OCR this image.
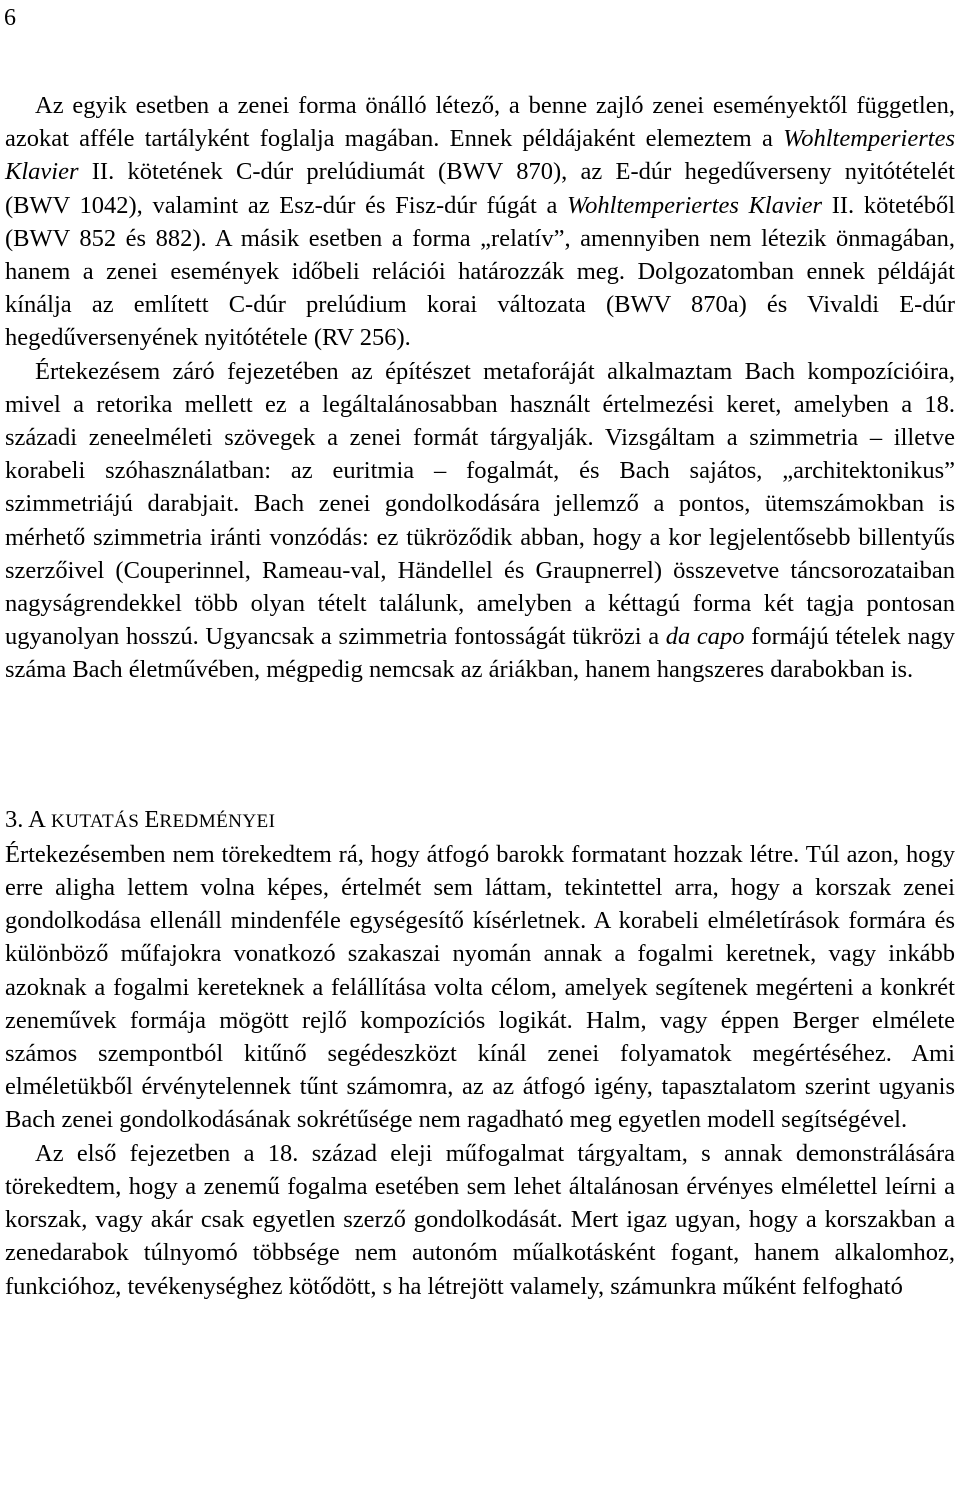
6

Az egyik esetben a zenei forma önálló létező, a benne zajló zenei eseményektől független, azokat afféle tartályként foglalja magában. Ennek példájaként elemeztem a Wohltemperiertes Klavier II. kötetének C-dúr prelúdiumát (BWV 870), az E-dúr hegedűverseny nyitótételét (BWV 1042), valamint az Esz-dúr és Fisz-dúr fúgát a Wohltemperiertes Klavier II. kötetéből (BWV 852 és 882). A másik esetben a forma „relatív”, amennyiben nem létezik önmagában, hanem a zenei események időbeli relációi határozzák meg. Dolgozatomban ennek példáját kínálja az említett C-dúr prelúdium korai változata (BWV 870a) és Vivaldi E-dúr hegedűversenyének nyitótétele (RV 256).

Értekezésem záró fejezetében az építészet metaforáját alkalmaztam Bach kompozícióira, mivel a retorika mellett ez a legáltalánosabban használt értelmezési keret, amelyben a 18. századi zeneelméleti szövegek a zenei formát tárgyalják. Vizsgáltam a szimmetria – illetve korabeli szóhasználatban: az euritmia – fogalmát, és Bach sajátos, „architektonikus” szimmetriájú darabjait. Bach zenei gondolkodására jellemző a pontos, ütemszámokban is mérhető szimmetria iránti vonzódás: ez tükröződik abban, hogy a kor legjelentősebb billentyűs szerzőivel (Couperinnel, Rameau-val, Händellel és Graupnerrel) összevetve táncsorozataiban nagyságrendekkel több olyan tételt találunk, amelyben a kéttagú forma két tagja pontosan ugyanolyan hosszú. Ugyancsak a szimmetria fontosságát tükrözi a da capo formájú tételek nagy száma Bach életművében, mégpedig nemcsak az áriákban, hanem hangszeres darabokban is.

3. A KUTATÁS EREDMÉNYEI

Értekezésemben nem törekedtem rá, hogy átfogó barokk formatant hozzak létre. Túl azon, hogy erre aligha lettem volna képes, értelmét sem láttam, tekintettel arra, hogy a korszak zenei gondolkodása ellenáll mindenféle egységesítő kísérletnek. A korabeli elméletírások formára és különböző műfajokra vonatkozó szakaszai nyomán annak a fogalmi keretnek, vagy inkább azoknak a fogalmi kereteknek a felállítása volta célom, amelyek segítenek megérteni a konkrét zeneművek formája mögött rejlő kompozíciós logikát. Halm, vagy éppen Berger elmélete számos szempontból kitűnő segédeszközt kínál zenei folyamatok megértéséhez. Ami elméletükből érvénytelennek tűnt számomra, az az átfogó igény, tapasztalatom szerint ugyanis Bach zenei gondolkodásának sokrétűsége nem ragadható meg egyetlen modell segítségével.

Az első fejezetben a 18. század eleji műfogalmat tárgyaltam, s annak demonstrálására törekedtem, hogy a zenemű fogalma esetében sem lehet általánosan érvényes elmélettel leírni a korszak, vagy akár csak egyetlen szerző gondolkodását. Mert igaz ugyan, hogy a korszakban a zenedarabok túlnyomó többsége nem autonóm műalkotásként fogant, hanem alkalomhoz, funkcióhoz, tevékenységhez kötődött, s ha létrejött valamely, számunkra műként felfogható
